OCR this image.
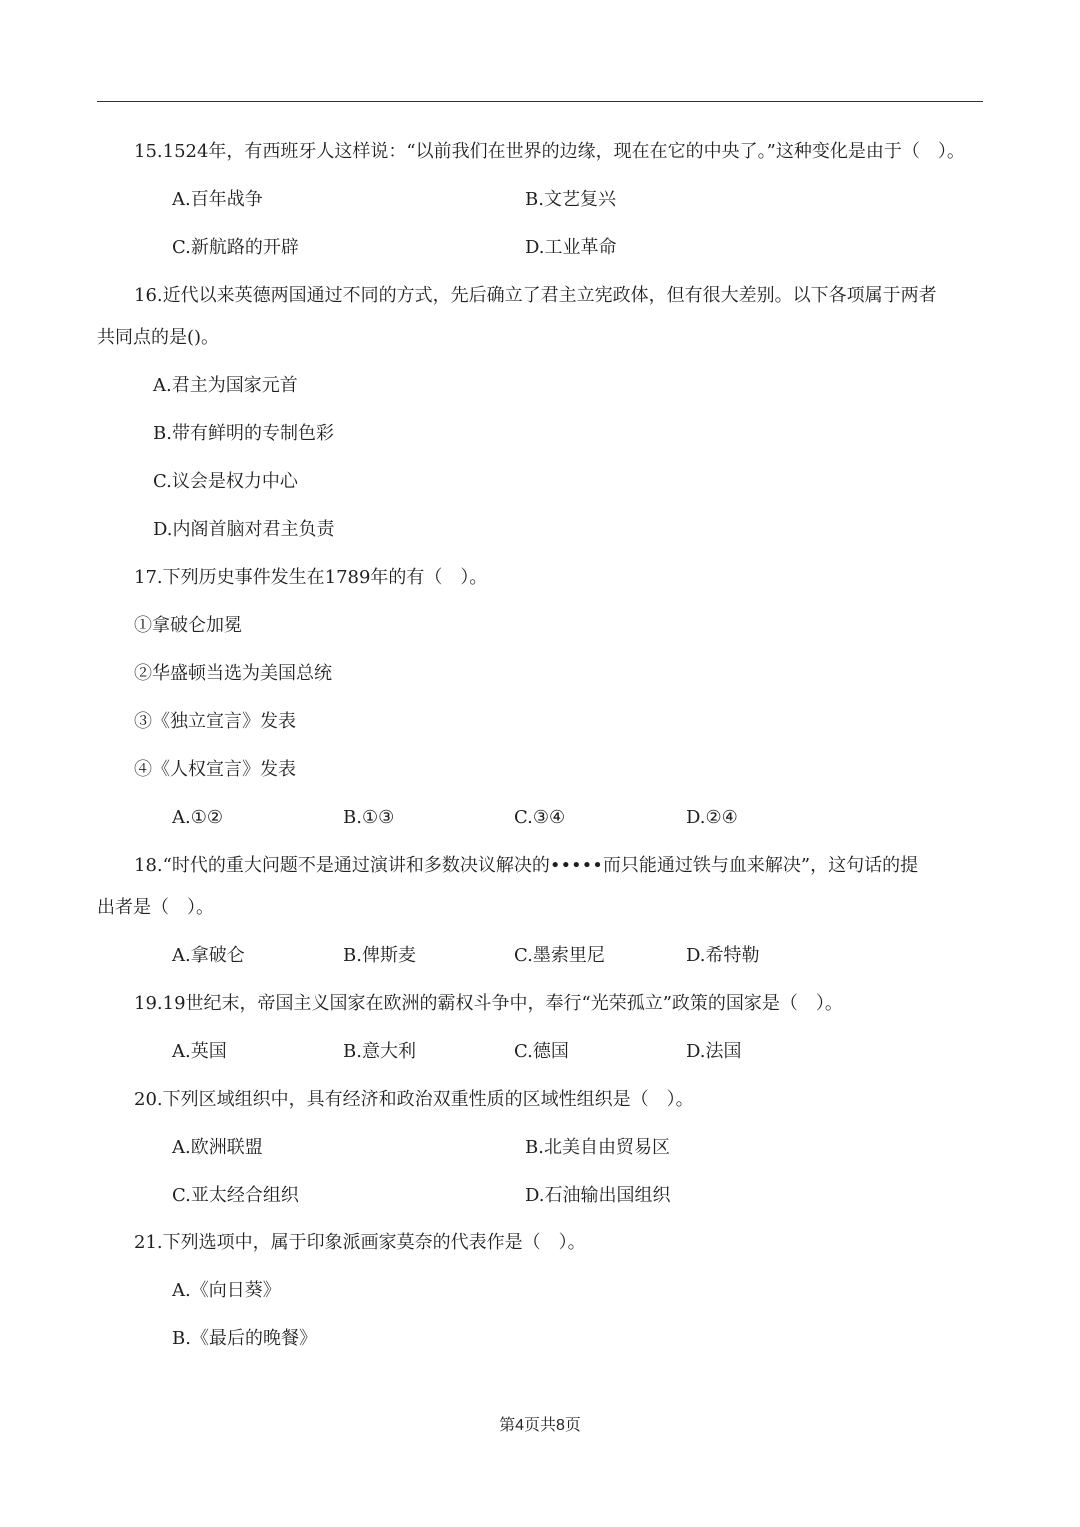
15.1524年，有西班牙人这样说：“以前我们在世界的边缘，现在在它的中央了。”这种变化是由于（　）。
A.百年战争	B.文艺复兴
C.新航路的开辟	D.工业革命
16.近代以来英德两国通过不同的方式，先后确立了君主立宪政体，但有很大差别。以下各项属于两者
共同点的是()。
A.君主为国家元首
B.带有鲜明的专制色彩
C.议会是权力中心
D.内阁首脑对君主负责
17.下列历史事件发生在1789年的有（　）。
①拿破仑加冕
②华盛顿当选为美国总统
③《独立宣言》发表
④《人权宣言》发表
A.①②	B.①③	C.③④	D.②④
18.“时代的重大问题不是通过演讲和多数决议解决的•••••而只能通过铁与血来解决”，这句话的提
出者是（　）。
A.拿破仑	B.俾斯麦	C.墨索里尼	D.希特勒
19.19世纪末，帝国主义国家在欧洲的霸权斗争中，奉行“光荣孤立”政策的国家是（　）。
A.英国	B.意大利	C.德国	D.法国
20.下列区域组织中，具有经济和政治双重性质的区域性组织是（　）。
A.欧洲联盟	B.北美自由贸易区
C.亚太经合组织	D.石油输出国组织
21.下列选项中，属于印象派画家莫奈的代表作是（　）。
A.《向日葵》
B.《最后的晚餐》
第4页共8页
